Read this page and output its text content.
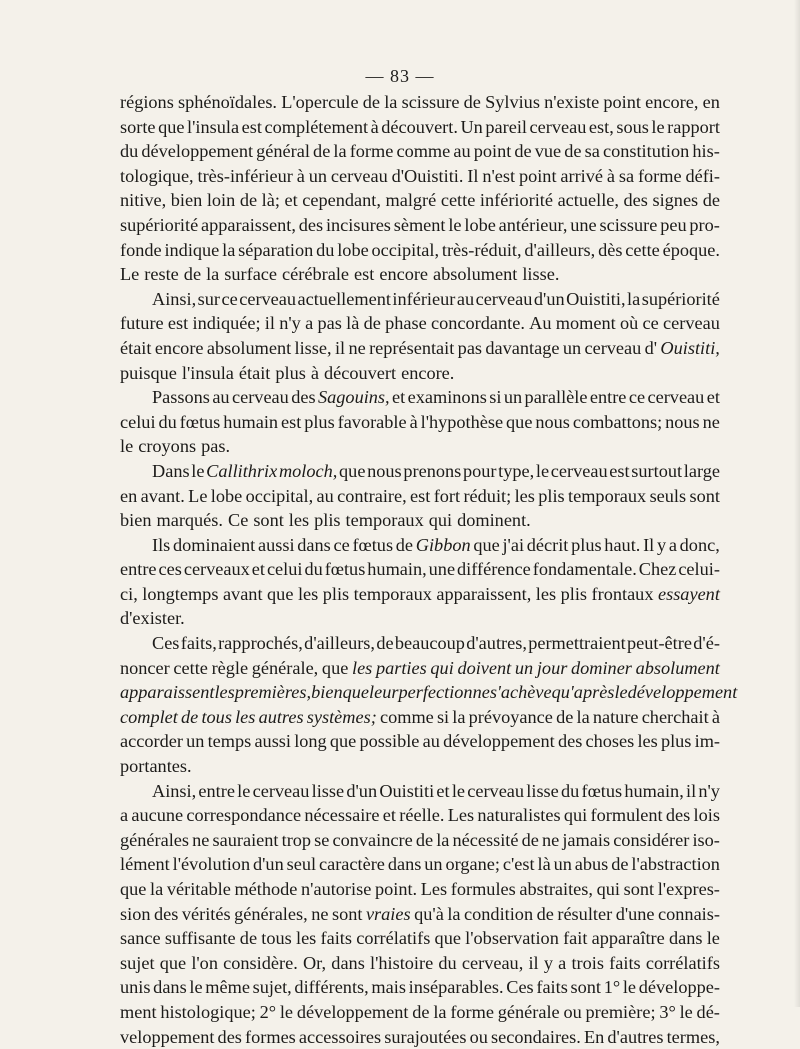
— 83 —
régions sphénoïdales. L'opercule de la scissure de Sylvius n'existe point encore, en
sorte que l'insula est complétement à découvert. Un pareil cerveau est, sous le rapport
du développement général de la forme comme au point de vue de sa constitution his-
tologique, très-inférieur à un cerveau d'Ouistiti. Il n'est point arrivé à sa forme défi-
nitive, bien loin de là; et cependant, malgré cette infériorité actuelle, des signes de
supériorité apparaissent, des incisures sèment le lobe antérieur, une scissure peu pro-
fonde indique la séparation du lobe occipital, très-réduit, d'ailleurs, dès cette époque.
Le reste de la surface cérébrale est encore absolument lisse.
Ainsi, sur ce cerveau actuellement inférieur au cerveau d'un Ouistiti, la supériorité
future est indiquée; il n'y a pas là de phase concordante. Au moment où ce cerveau
était encore absolument lisse, il ne représentait pas davantage un cerveau d' Ouistiti,
puisque l'insula était plus à découvert encore.
Passons au cerveau des Sagouins, et examinons si un parallèle entre ce cerveau et
celui du fœtus humain est plus favorable à l'hypothèse que nous combattons; nous ne
le croyons pas.
Dans le Callithrix moloch, que nous prenons pour type, le cerveau est surtout large
en avant. Le lobe occipital, au contraire, est fort réduit; les plis temporaux seuls sont
bien marqués. Ce sont les plis temporaux qui dominent.
Ils dominaient aussi dans ce fœtus de Gibbon que j'ai décrit plus haut. Il y a donc,
entre ces cerveaux et celui du fœtus humain, une différence fondamentale. Chez celui-
ci, longtemps avant que les plis temporaux apparaissent, les plis frontaux essayent
d'exister.
Ces faits, rapprochés, d'ailleurs, de beaucoup d'autres, permettraient peut-être d'é-
noncer cette règle générale, que les parties qui doivent un jour dominer absolument
apparaissent les premières, bien que leur perfection ne s'achève qu'après le développement
complet de tous les autres systèmes; comme si la prévoyance de la nature cherchait à
accorder un temps aussi long que possible au développement des choses les plus im-
portantes.
Ainsi, entre le cerveau lisse d'un Ouistiti et le cerveau lisse du fœtus humain, il n'y
a aucune correspondance nécessaire et réelle. Les naturalistes qui formulent des lois
générales ne sauraient trop se convaincre de la nécessité de ne jamais considérer iso-
lément l'évolution d'un seul caractère dans un organe; c'est là un abus de l'abstraction
que la véritable méthode n'autorise point. Les formules abstraites, qui sont l'expres-
sion des vérités générales, ne sont vraies qu'à la condition de résulter d'une connais-
sance suffisante de tous les faits corrélatifs que l'observation fait apparaître dans le
sujet que l'on considère. Or, dans l'histoire du cerveau, il y a trois faits corrélatifs
unis dans le même sujet, différents, mais inséparables. Ces faits sont 1° le développe-
ment histologique; 2° le développement de la forme générale ou première; 3° le dé-
veloppement des formes accessoires surajoutées ou secondaires. En d'autres termes,
